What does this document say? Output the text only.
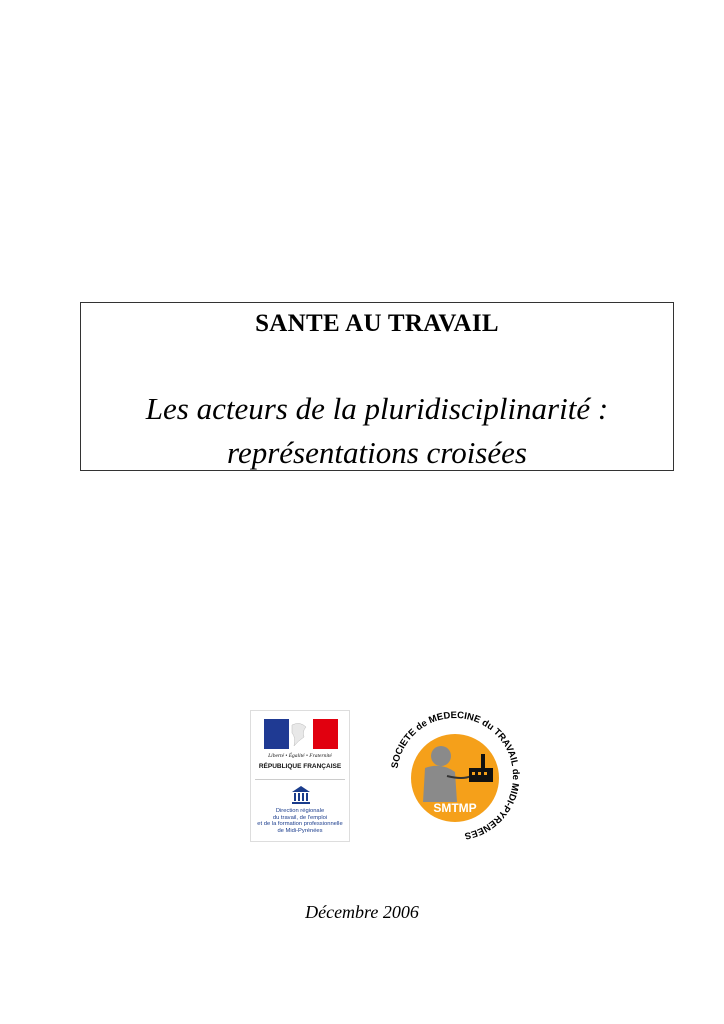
SANTE AU TRAVAIL
Les acteurs de la pluridisciplinarité :
représentations croisées
Liberté • Égalité • Fraternité
RÉPUBLIQUE FRANÇAISE
Direction régionale
du travail, de l'emploi
et de la formation professionnelle
de Midi-Pyrénées
SOCIETE de MEDECINE du TRAVAIL de MIDI-PYRENEES
SMTMP
Décembre 2006
